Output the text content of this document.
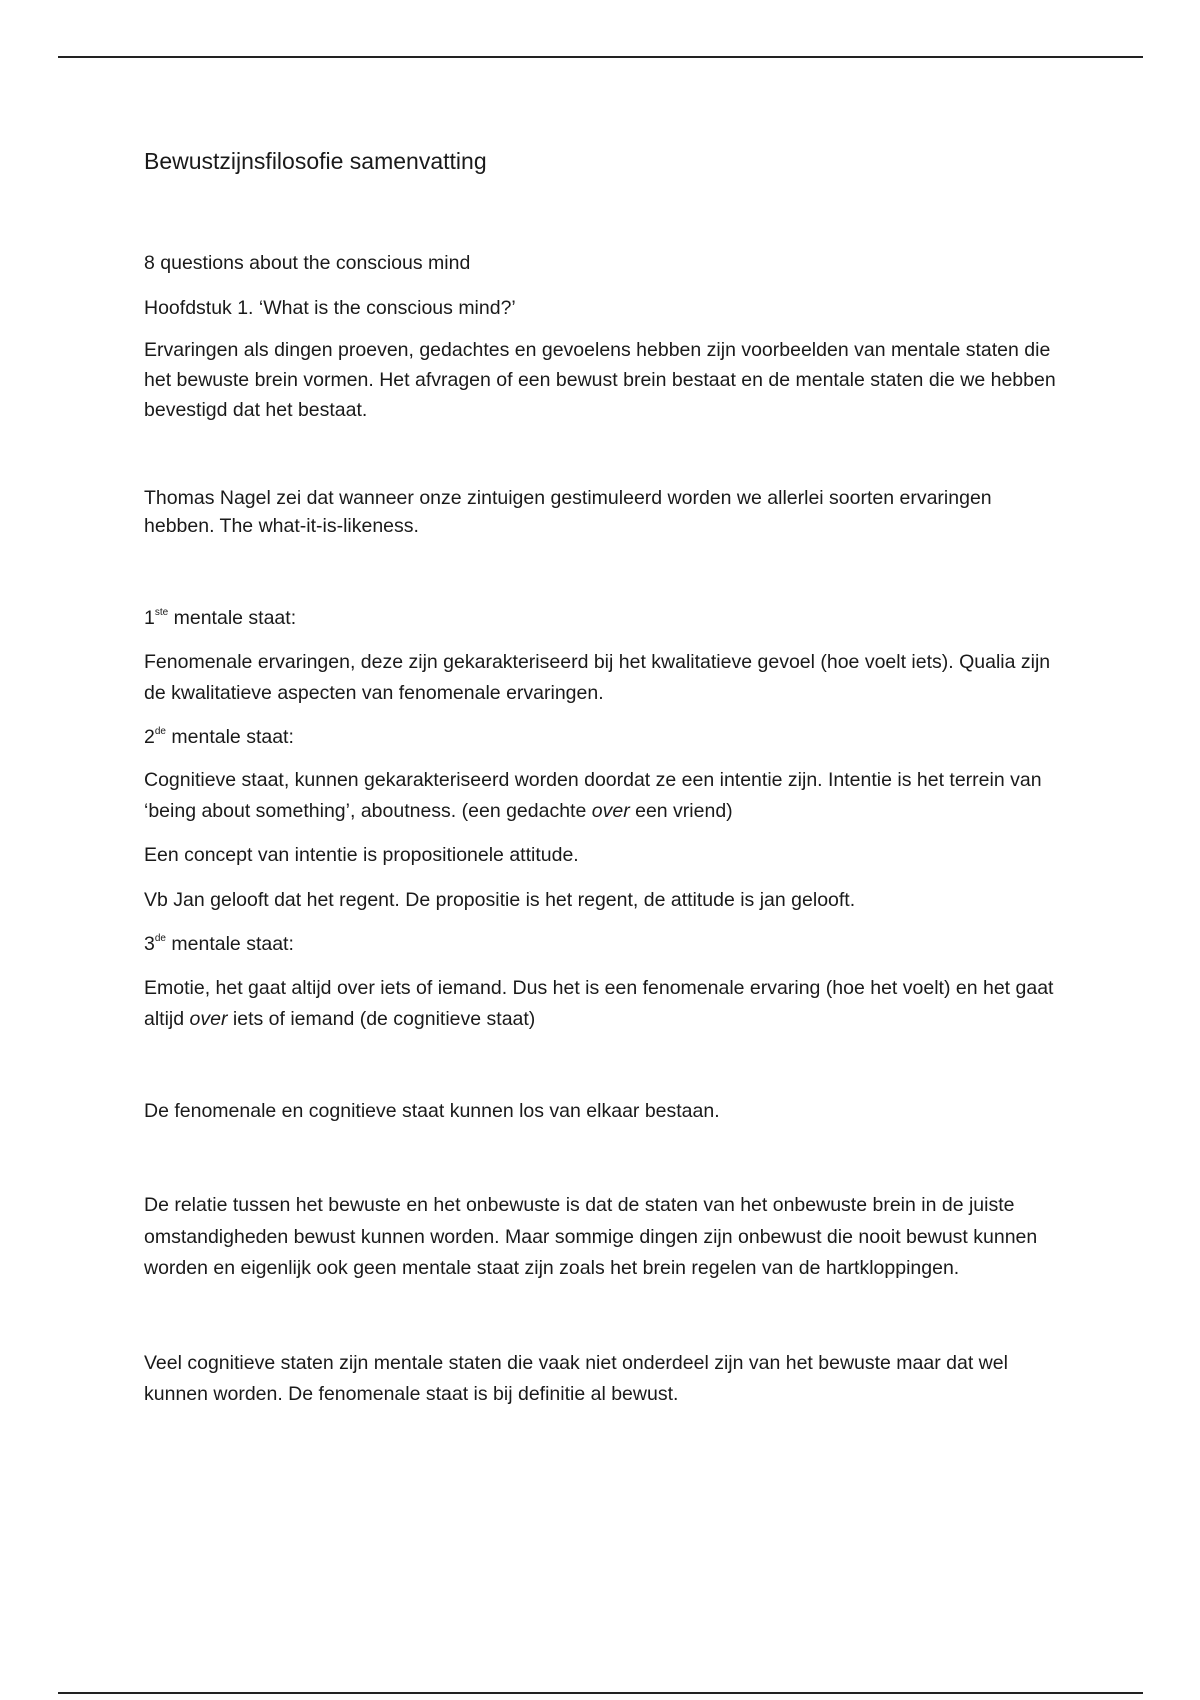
Bewustzijnsfilosofie samenvatting

8 questions about the conscious mind

Hoofdstuk 1. ‘What is the conscious mind?’

Ervaringen als dingen proeven, gedachtes en gevoelens hebben zijn voorbeelden van mentale staten die het bewuste brein vormen. Het afvragen of een bewust brein bestaat en de mentale staten die we hebben bevestigd dat het bestaat.

Thomas Nagel zei dat wanneer onze zintuigen gestimuleerd worden we allerlei soorten ervaringen hebben. The what-it-is-likeness.

1ste mentale staat:

Fenomenale ervaringen, deze zijn gekarakteriseerd bij het kwalitatieve gevoel (hoe voelt iets). Qualia zijn de kwalitatieve aspecten van fenomenale ervaringen.

2de mentale staat:

Cognitieve staat, kunnen gekarakteriseerd worden doordat ze een intentie zijn. Intentie is het terrein van ‘being about something’, aboutness. (een gedachte over een vriend)

Een concept van intentie is propositionele attitude.

Vb Jan gelooft dat het regent. De propositie is het regent, de attitude is jan gelooft.

3de mentale staat:

Emotie, het gaat altijd over iets of iemand. Dus het is een fenomenale ervaring (hoe het voelt) en het gaat altijd over iets of iemand (de cognitieve staat)

De fenomenale en cognitieve staat kunnen los van elkaar bestaan.

De relatie tussen het bewuste en het onbewuste is dat de staten van het onbewuste brein in de juiste omstandigheden bewust kunnen worden. Maar sommige dingen zijn onbewust die nooit bewust kunnen worden en eigenlijk ook geen mentale staat zijn zoals het brein regelen van de hartkloppingen.

Veel cognitieve staten zijn mentale staten die vaak niet onderdeel zijn van het bewuste maar dat wel kunnen worden. De fenomenale staat is bij definitie al bewust.
